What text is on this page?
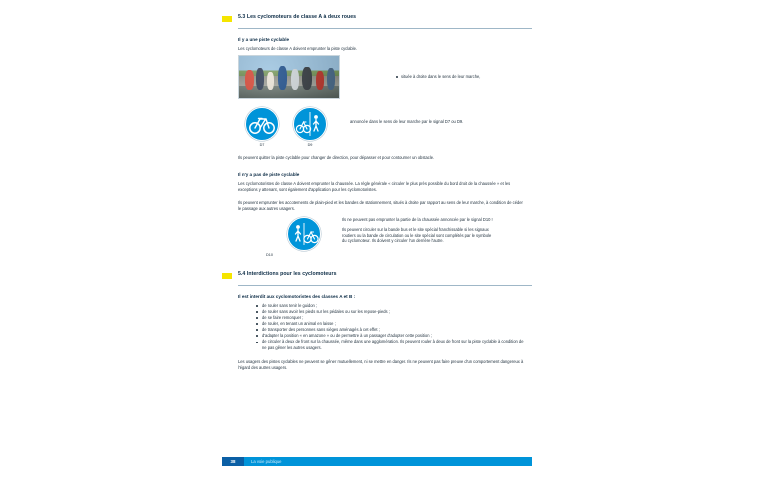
5.3 Les cyclomoteurs de classe A à deux roues
Il y a une piste cyclable
Les cyclomoteurs de classe A doivent emprunter la piste cyclable.
située à droite dans le sens de leur marche,
D7	D9
annoncée dans le sens de leur marche par le signal D7 ou D9.
Ils peuvent quitter la piste cyclable pour changer de direction, pour dépasser et pour contourner un obstacle.
Il n'y a pas de piste cyclable
Les cyclomotoristes de classe A doivent emprunter la chaussée. La règle générale « circuler le plus près possible du bord droit de la chaussée » et les exceptions y attenant, sont également d'application pour les cyclomotoristes.
Ils peuvent emprunter les accotements de plain-pied et les bandes de stationnement, situés à droite par rapport au sens de leur marche, à condition de céder le passage aux autres usagers.
D10

Ils ne peuvent pas emprunter la partie de la chaussée annoncée par le signal D10 !

Ils peuvent circuler sur la bande bus et le site spécial franchissable si les signaux routiers ou la bande de circulation ou le site spécial sont complétés par le symbole du cyclomoteur. Ils doivent y circuler l'un derrière l'autre.

5.4 Interdictions pour les cyclomoteurs
Il est interdit aux cyclomotoristes des classes A et B :
de rouler sans tenir le guidon ;
de rouler sans avoir les pieds sur les pédales ou sur les repose-pieds ;
de se faire remorquer ;
de rouler, en tenant un animal en laisse ;
de transporter des personnes sans sièges aménagés à cet effet ;
d'adapter la position « en amazone » ou de permettre à un passager d'adopter cette position ;
de circuler à deux de front sur la chaussée, même dans une agglomération. Ils peuvent rouler à deux de front sur la piste cyclable à condition de ne pas gêner les autres usagers.
Les usagers des pistes cyclables ne peuvent se gêner mutuellement, ni se mettre en danger. Ils ne peuvent pas faire preuve d'un comportement dangereux à l'égard des autres usagers.
38	La voie publique
